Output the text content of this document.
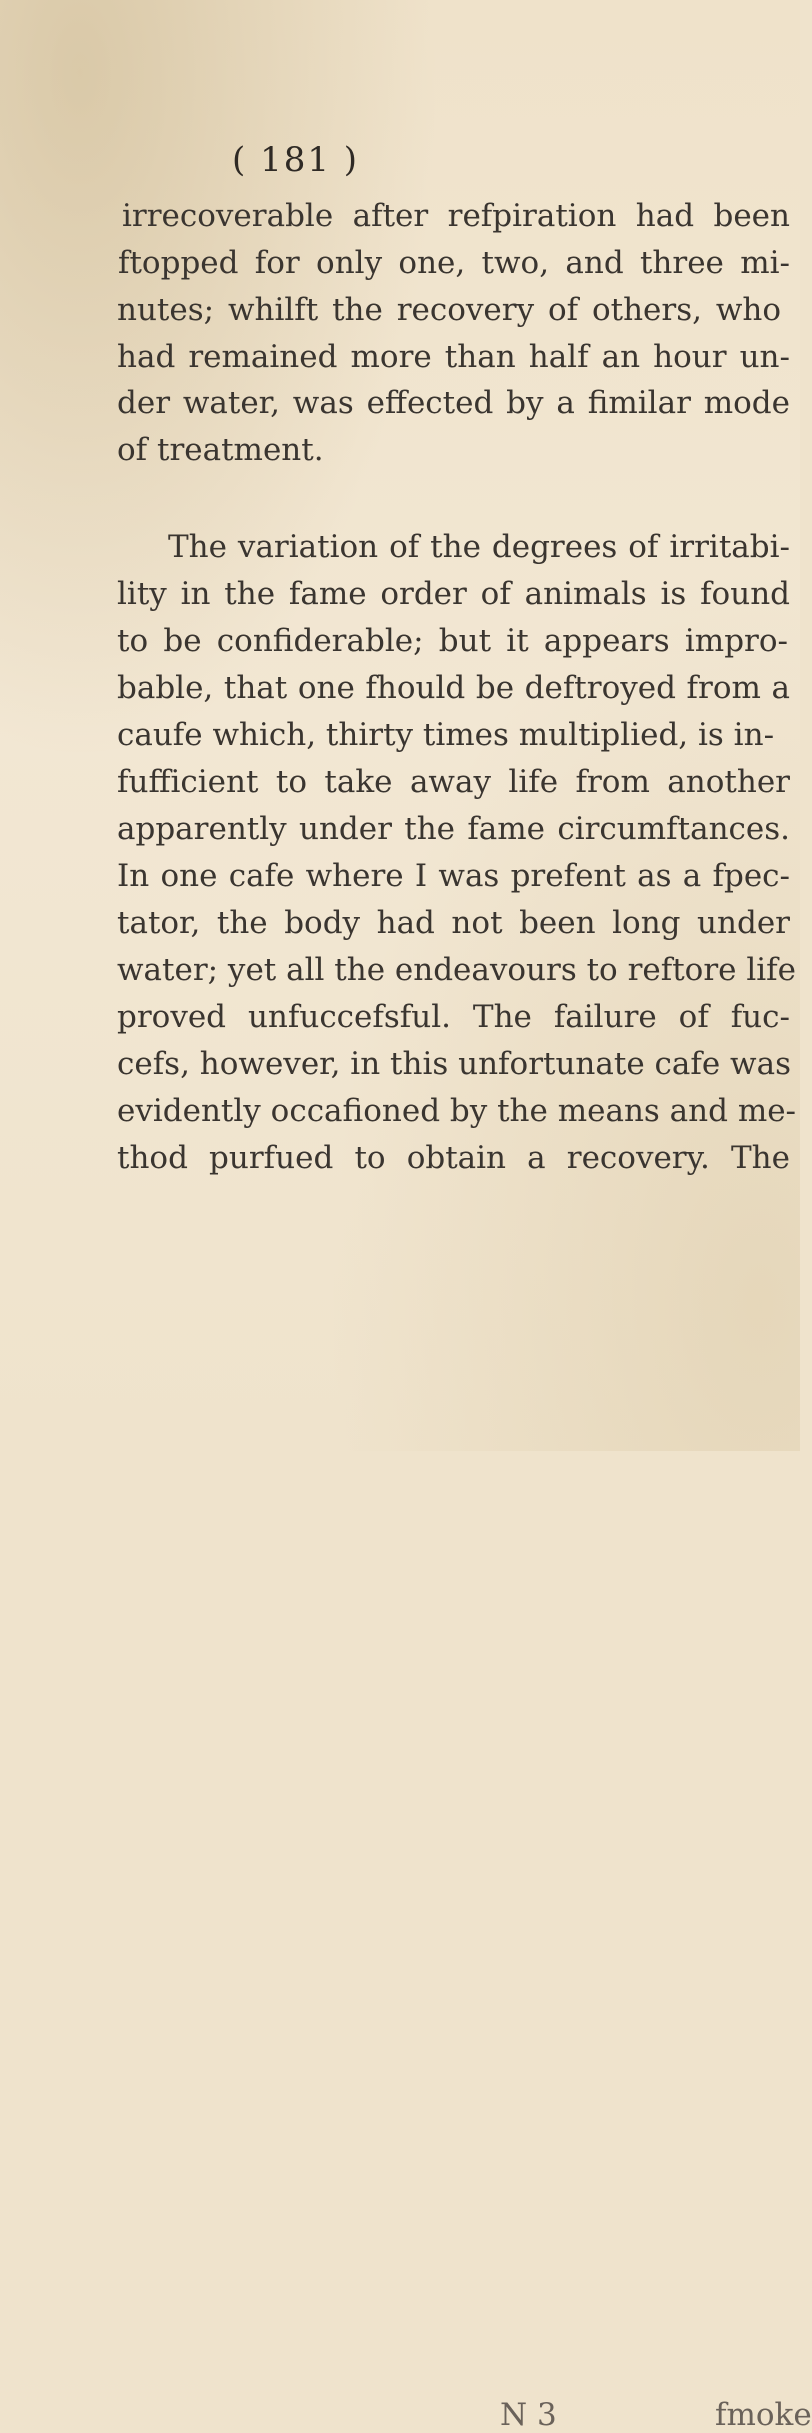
( 181 )
irrecoverable after refpiration had been
ftopped for only one, two, and three mi-
nutes; whilft the recovery of others, who
had remained more than half an hour un-
der water, was effected by a fimilar mode
of treatment.
The variation of the degrees of irritabi-
lity in the fame order of animals is found
to be confiderable; but it appears impro-
bable, that one fhould be deftroyed from a
caufe which, thirty times multiplied, is in-
fufficient to take away life from another
apparently under the fame circumftances.
In one cafe where I was prefent as a fpec-
tator, the body had not been long under
water; yet all the endeavours to reftore life
proved unfuccefsful. The failure of fuc-
cefs, however, in this unfortunate cafe was
evidently occafioned by the means and me-
thod purfued to obtain a recovery. The
N 3	fmoke
